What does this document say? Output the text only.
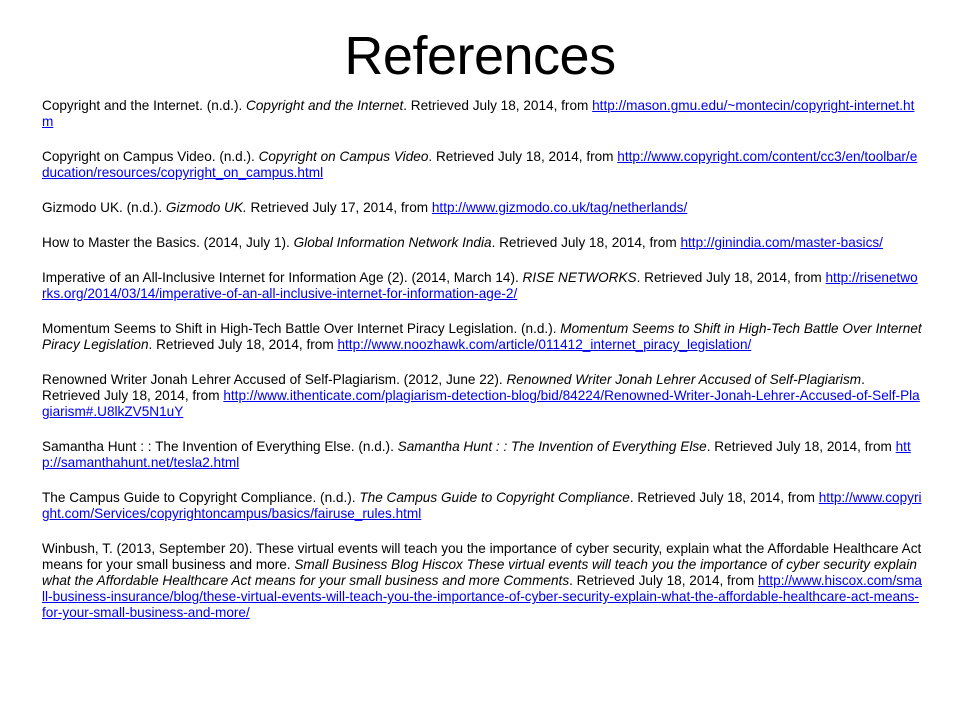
References

Copyright and the Internet. (n.d.). Copyright and the Internet. Retrieved July 18, 2014, from http://mason.gmu.edu/~montecin/copyright-internet.htm

Copyright on Campus Video. (n.d.). Copyright on Campus Video. Retrieved July 18, 2014, from http://www.copyright.com/content/cc3/en/toolbar/education/resources/copyright_on_campus.html

Gizmodo UK. (n.d.). Gizmodo UK. Retrieved July 17, 2014, from http://www.gizmodo.co.uk/tag/netherlands/

How to Master the Basics. (2014, July 1). Global Information Network India. Retrieved July 18, 2014, from http://ginindia.com/master-basics/

Imperative of an All-Inclusive Internet for Information Age (2). (2014, March 14). RISE NETWORKS. Retrieved July 18, 2014, from http://risenetworks.org/2014/03/14/imperative-of-an-all-inclusive-internet-for-information-age-2/

Momentum Seems to Shift in High-Tech Battle Over Internet Piracy Legislation. (n.d.). Momentum Seems to Shift in High-Tech Battle Over Internet Piracy Legislation. Retrieved July 18, 2014, from http://www.noozhawk.com/article/011412_internet_piracy_legislation/

Renowned Writer Jonah Lehrer Accused of Self-Plagiarism. (2012, June 22). Renowned Writer Jonah Lehrer Accused of Self-Plagiarism. Retrieved July 18, 2014, from http://www.ithenticate.com/plagiarism-detection-blog/bid/84224/Renowned-Writer-Jonah-Lehrer-Accused-of-Self-Plagiarism#.U8lkZV5N1uY

Samantha Hunt : : The Invention of Everything Else. (n.d.). Samantha Hunt : : The Invention of Everything Else. Retrieved July 18, 2014, from http://samanthahunt.net/tesla2.html

The Campus Guide to Copyright Compliance. (n.d.). The Campus Guide to Copyright Compliance. Retrieved July 18, 2014, from http://www.copyright.com/Services/copyrightoncampus/basics/fairuse_rules.html

Winbush, T. (2013, September 20). These virtual events will teach you the importance of cyber security, explain what the Affordable Healthcare Act means for your small business and more. Small Business Blog Hiscox These virtual events will teach you the importance of cyber security explain what the Affordable Healthcare Act means for your small business and more Comments. Retrieved July 18, 2014, from http://www.hiscox.com/small-business-insurance/blog/these-virtual-events-will-teach-you-the-importance-of-cyber-security-explain-what-the-affordable-healthcare-act-means-for-your-small-business-and-more/
